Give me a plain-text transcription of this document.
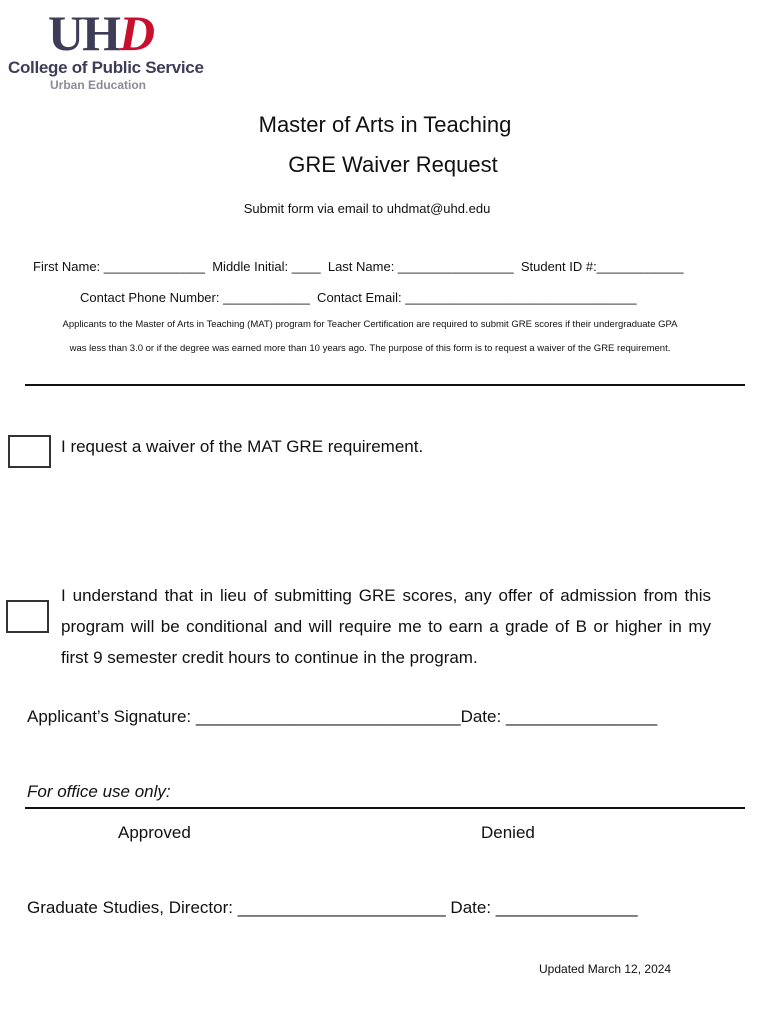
UHD
College of Public Service
Urban Education
Master of Arts in Teaching
GRE Waiver Request
Submit form via email to uhdmat@uhd.edu
First Name: ______________  Middle Initial: ____  Last Name: ________________  Student ID #:____________
Contact Phone Number: ____________  Contact Email: ________________________________
Applicants to the Master of Arts in Teaching (MAT) program for Teacher Certification are required to submit GRE scores if their undergraduate GPA
was less than 3.0 or if the degree was earned more than 10 years ago. The purpose of this form is to request a waiver of the GRE requirement.
I request a waiver of the MAT GRE requirement.
I understand that in lieu of submitting GRE scores, any offer of admission from this program will be conditional and will require me to earn a grade of B or higher in my first 9 semester credit hours to continue in the program.
Applicant’s Signature: ____________________________Date: ________________
For office use only:
Approved	Denied
Graduate Studies, Director: ______________________ Date: _______________
Updated March 12, 2024
